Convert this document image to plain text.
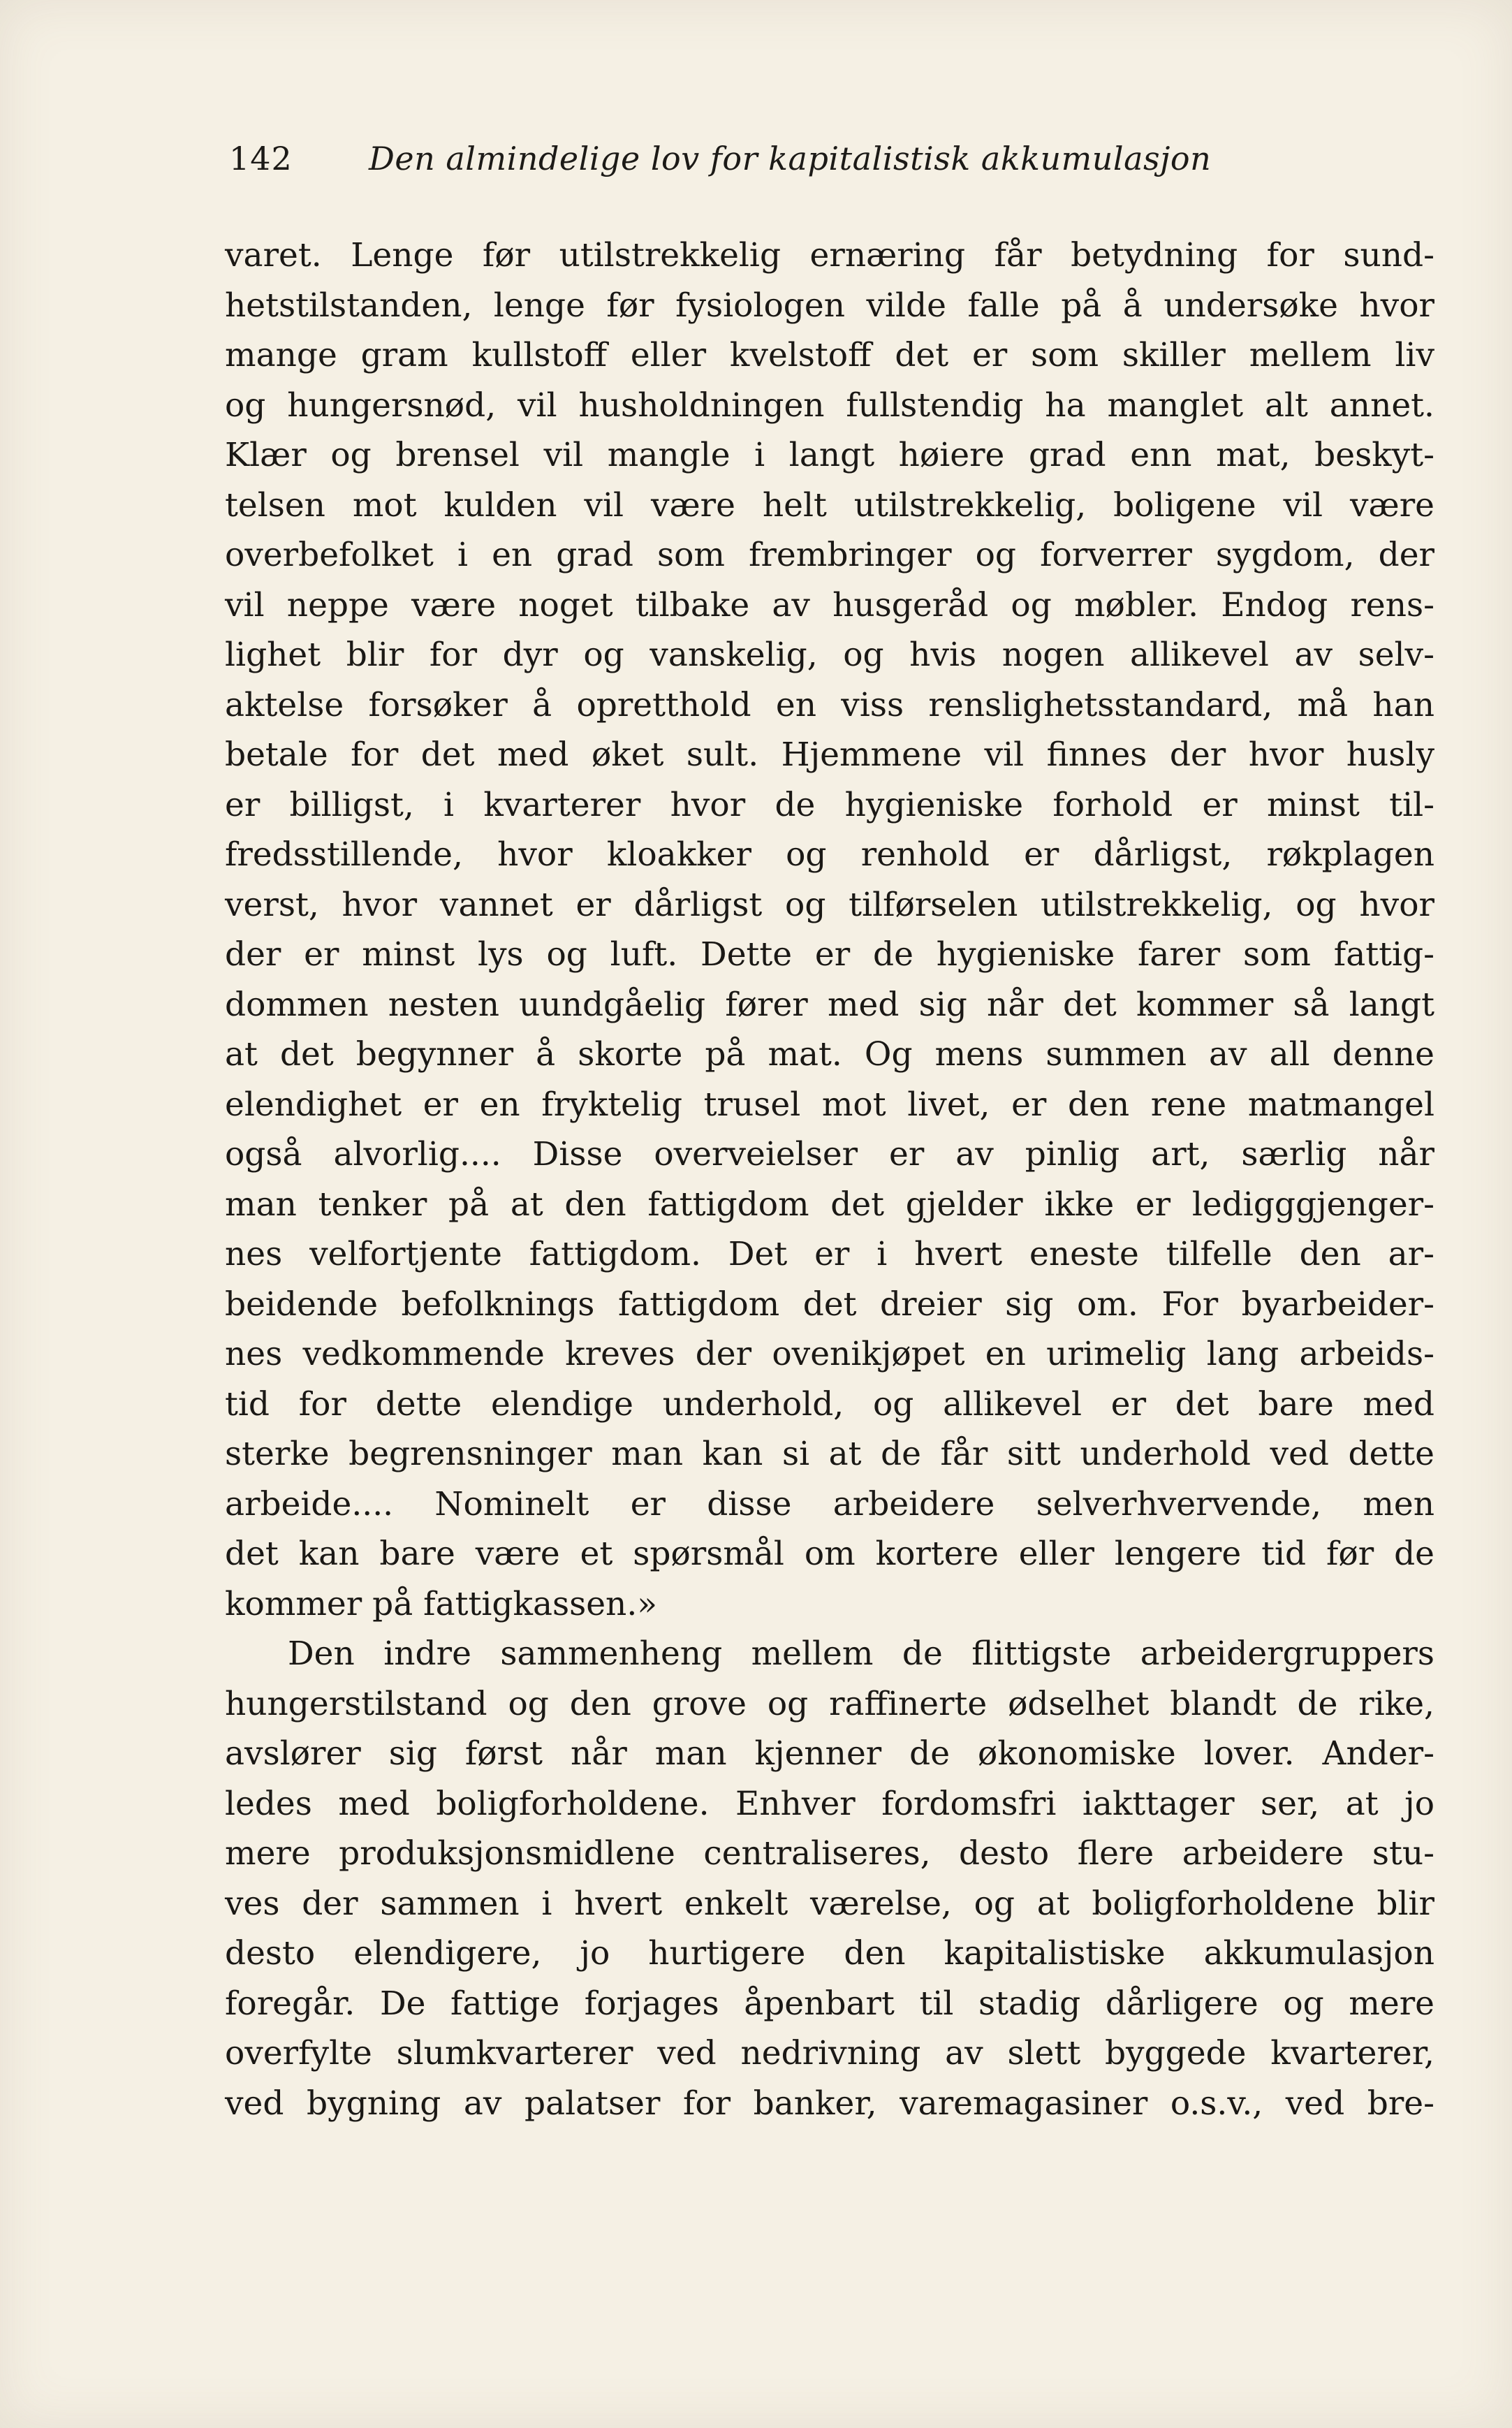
142	Den almindelige lov for kapitalistisk akkumulasjon
varet. Lenge før utilstrekkelig ernæring får betydning for sund-
hetstilstanden, lenge før fysiologen vilde falle på å undersøke hvor
mange gram kullstoff eller kvelstoff det er som skiller mellem liv
og hungersnød, vil husholdningen fullstendig ha manglet alt annet.
Klær og brensel vil mangle i langt høiere grad enn mat, beskyt-
telsen mot kulden vil være helt utilstrekkelig, boligene vil være
overbefolket i en grad som frembringer og forverrer sygdom, der
vil neppe være noget tilbake av husgeråd og møbler. Endog rens-
lighet blir for dyr og vanskelig, og hvis nogen allikevel av selv-
aktelse forsøker å opretthold en viss renslighetsstandard, må han
betale for det med øket sult. Hjemmene vil finnes der hvor husly
er billigst, i kvarterer hvor de hygieniske forhold er minst til-
fredsstillende, hvor kloakker og renhold er dårligst, røkplagen
verst, hvor vannet er dårligst og tilførselen utilstrekkelig, og hvor
der er minst lys og luft. Dette er de hygieniske farer som fattig-
dommen nesten uundgåelig fører med sig når det kommer så langt
at det begynner å skorte på mat. Og mens summen av all denne
elendighet er en fryktelig trusel mot livet, er den rene matmangel
også alvorlig.... Disse overveielser er av pinlig art, særlig når
man tenker på at den fattigdom det gjelder ikke er ledigggjenger-
nes velfortjente fattigdom. Det er i hvert eneste tilfelle den ar-
beidende befolknings fattigdom det dreier sig om. For byarbeider-
nes vedkommende kreves der ovenikjøpet en urimelig lang arbeids-
tid for dette elendige underhold, og allikevel er det bare med
sterke begrensninger man kan si at de får sitt underhold ved dette
arbeide.... Nominelt er disse arbeidere selverhvervende, men
det kan bare være et spørsmål om kortere eller lengere tid før de
kommer på fattigkassen.»
Den indre sammenheng mellem de flittigste arbeidergruppers
hungerstilstand og den grove og raffinerte ødselhet blandt de rike,
avslører sig først når man kjenner de økonomiske lover. Ander-
ledes med boligforholdene. Enhver fordomsfri iakttager ser, at jo
mere produksjonsmidlene centraliseres, desto flere arbeidere stu-
ves der sammen i hvert enkelt værelse, og at boligforholdene blir
desto elendigere, jo hurtigere den kapitalistiske akkumulasjon
foregår. De fattige forjages åpenbart til stadig dårligere og mere
overfylte slumkvarterer ved nedrivning av slett byggede kvarterer,
ved bygning av palatser for banker, varemagasiner o.s.v., ved bre-
